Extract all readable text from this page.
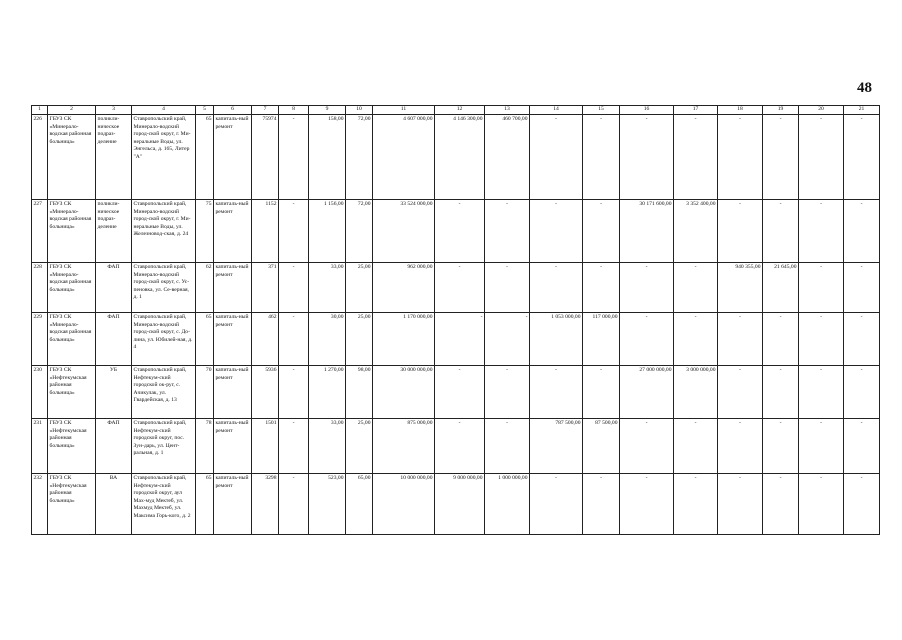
48
1	2	3	4	5	6	7	8	9	10	11	12	13	14	15	16	17	18	19	20	21
226	ГБУЗ СК «Минерало-водская районная больница»	поликли-ническое подраз-деление	Ставропольский край, Минерало-водский город-ской округ, г. Ми-неральные Воды, ул. Энгельса, д. 165, Литер "А"	65	капиталь-ный ремонт	75974	-	158,00	72,00	4 607 000,00	4 146 300,00	460 700,00	-	-	-	-	-	-	-	-
227	ГБУЗ СК «Минерало-водская районная больница»	поликли-ническое подраз-деление	Ставропольский край, Минерало-водский город-ской округ, г. Ми-неральные Воды, ул. Железновод-ская, д. 24	75	капиталь-ный ремонт	1152	-	1 156,00	72,00	33 524 000,00	-	-	-	-	30 171 600,00	3 352 400,00	-	-	-	-
228	ГБУЗ СК «Минерало-водская районная больница»	ФАП	Ставропольский край, Минерало-водский город-ской округ, с. Ус-пеновка, ул. Се-верная, д. 1	62	капиталь-ный ремонт	371	-	33,00	25,00	962 000,00	-	-	-	-	-	-	940 355,00	21 645,00	-	-
229	ГБУЗ СК «Минерало-водская районная больница»	ФАП	Ставропольский край, Минерало-водский город-ской округ, с. До-лина, ул. Юбилей-ная, д. 4	65	капиталь-ный ремонт	462	-	30,00	25,00	1 170 000,00	-	-	1 053 000,00	117 000,00	-	-	-	-	-	-
230	ГБУЗ СК «Нефтекумская районная больница»	УБ	Ставропольский край, Нефтекум-ский городской ок-руг, с. Ачикулак, ул. Гвардейская, д. 13	70	капиталь-ный ремонт	5936	-	1 270,00	98,00	30 000 000,00	-	-	-	-	27 000 000,00	3 000 000,00	-	-	-	-
231	ГБУЗ СК «Нефтекумская районная больница»	ФАП	Ставропольский край, Нефтекум-ский городской округ, пос. Зун-дарь, ул. Цент-ральная, д. 1	78	капиталь-ный ремонт	1501	-	33,00	25,00	875 000,00	-	-	787 500,00	87 500,00	-	-	-	-	-	-
232	ГБУЗ СК «Нефтекумская районная больница»	ВА	Ставропольский край, Нефтекум-ский городской округ, аул Мах-муд Мектеб, ул. Махмуд Мектеб, ул. Максима Горь-кого, д. 2	65	капиталь-ный ремонт	3298	-	523,00	65,00	10 000 000,00	9 000 000,00	1 000 000,00	-	-	-	-	-	-	-	-
